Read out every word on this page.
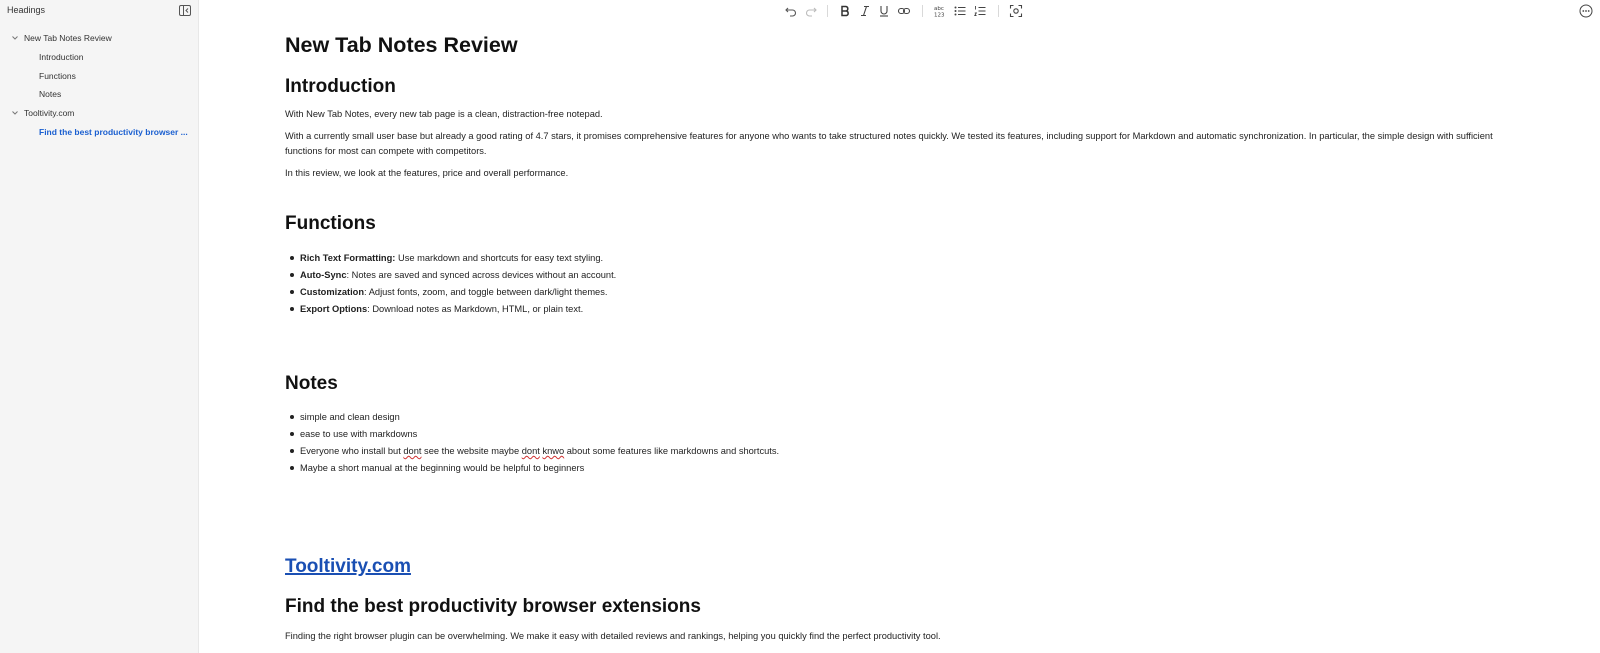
Headings
New Tab Notes Review
Introduction
Functions
Notes
Tooltivity.com
Find the best productivity browser ...
abc
123
New Tab Notes Review
Introduction
With New Tab Notes, every new tab page is a clean, distraction-free notepad.
With a currently small user base but already a good rating of 4.7 stars, it promises comprehensive features for anyone who wants to take structured notes quickly. We tested its features, including support for Markdown and automatic synchronization. In particular, the simple design with sufficient functions for most can compete with competitors.
In this review, we look at the features, price and overall performance.
Functions
Rich Text Formatting: Use markdown and shortcuts for easy text styling.
Auto-Sync: Notes are saved and synced across devices without an account.
Customization: Adjust fonts, zoom, and toggle between dark/light themes.
Export Options: Download notes as Markdown, HTML, or plain text.
Notes
simple and clean design
ease to use with markdowns
Everyone who install but dont see the website maybe dont knwo about some features like markdowns and shortcuts.
Maybe a short manual at the beginning would be helpful to beginners
Tooltivity.com
Find the best productivity browser extensions
Finding the right browser plugin can be overwhelming. We make it easy with detailed reviews and rankings, helping you quickly find the perfect productivity tool.
